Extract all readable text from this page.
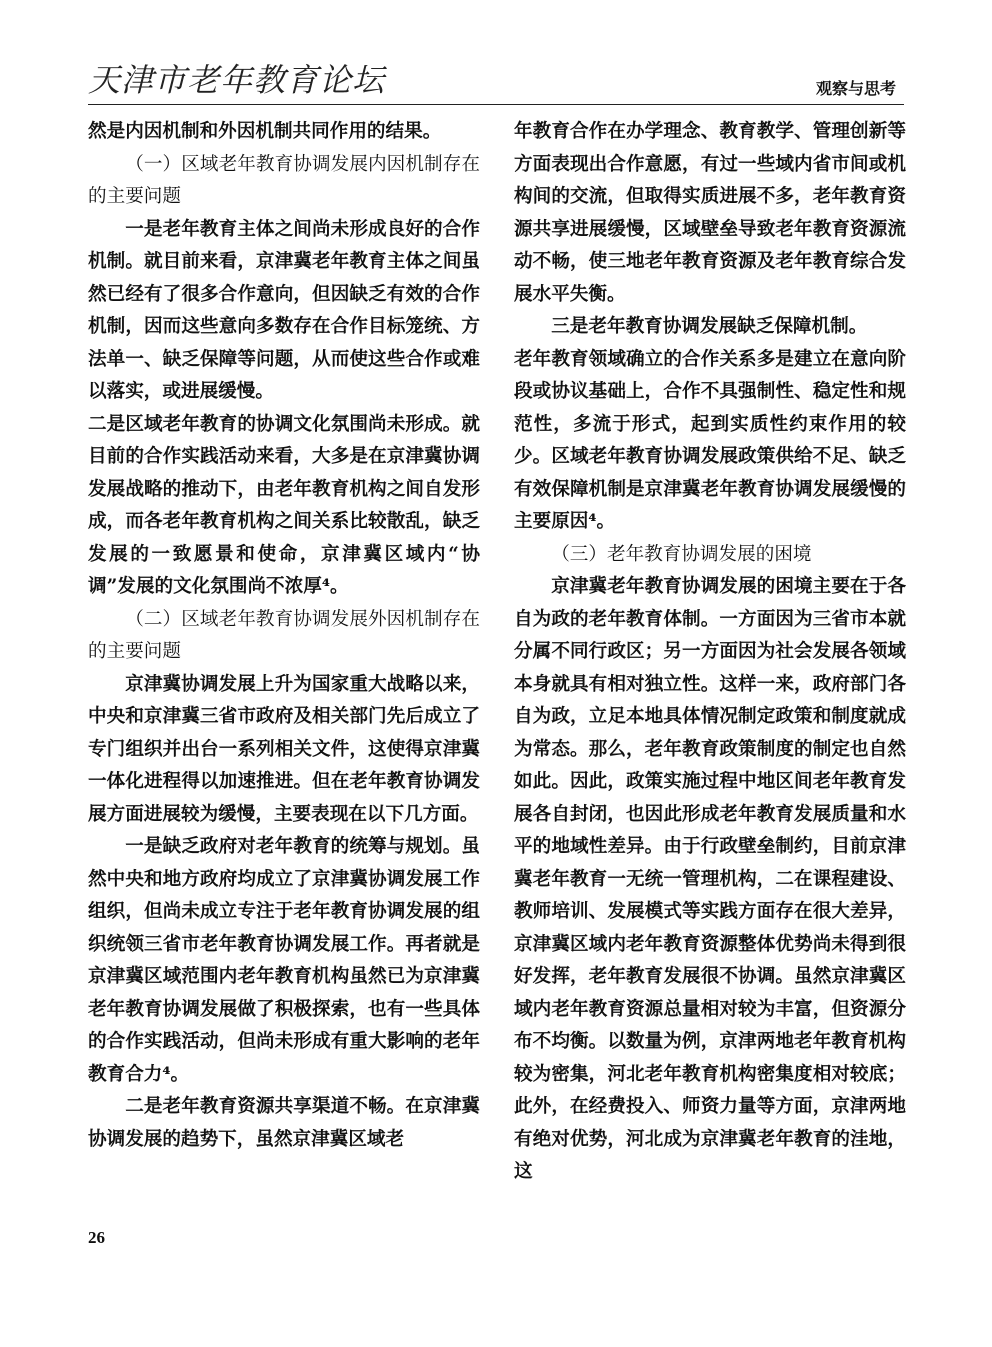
天津市老年教育论坛	观察与思考

然是内因机制和外因机制共同作用的结果。

（一）区域老年教育协调发展内因机制存在的主要问题

一是老年教育主体之间尚未形成良好的合作机制。就目前来看，京津冀老年教育主体之间虽然已经有了很多合作意向，但因缺乏有效的合作机制，因而这些意向多数存在合作目标笼统、方法单一、缺乏保障等问题，从而使这些合作或难以落实，或进展缓慢。

二是区域老年教育的协调文化氛围尚未形成。就目前的合作实践活动来看，大多是在京津冀协调发展战略的推动下，由老年教育机构之间自发形成，而各老年教育机构之间关系比较散乱，缺乏发展的一致愿景和使命，京津冀区域内“协调”发展的文化氛围尚不浓厚⁴。

（二）区域老年教育协调发展外因机制存在的主要问题

京津冀协调发展上升为国家重大战略以来，中央和京津冀三省市政府及相关部门先后成立了专门组织并出台一系列相关文件，这使得京津冀一体化进程得以加速推进。但在老年教育协调发展方面进展较为缓慢，主要表现在以下几方面。

一是缺乏政府对老年教育的统筹与规划。虽然中央和地方政府均成立了京津冀协调发展工作组织，但尚未成立专注于老年教育协调发展的组织统领三省市老年教育协调发展工作。再者就是京津冀区域范围内老年教育机构虽然已为京津冀老年教育协调发展做了积极探索，也有一些具体的合作实践活动，但尚未形成有重大影响的老年教育合力⁴。

二是老年教育资源共享渠道不畅。在京津冀协调发展的趋势下，虽然京津冀区域老

年教育合作在办学理念、教育教学、管理创新等方面表现出合作意愿，有过一些域内省市间或机构间的交流，但取得实质进展不多，老年教育资源共享进展缓慢，区域壁垒导致老年教育资源流动不畅，使三地老年教育资源及老年教育综合发展水平失衡。

三是老年教育协调发展缺乏保障机制。

老年教育领域确立的合作关系多是建立在意向阶段或协议基础上，合作不具强制性、稳定性和规范性，多流于形式，起到实质性约束作用的较少。区域老年教育协调发展政策供给不足、缺乏有效保障机制是京津冀老年教育协调发展缓慢的主要原因⁴。

（三）老年教育协调发展的困境

京津冀老年教育协调发展的困境主要在于各自为政的老年教育体制。一方面因为三省市本就分属不同行政区；另一方面因为社会发展各领域本身就具有相对独立性。这样一来，政府部门各自为政，立足本地具体情况制定政策和制度就成为常态。那么，老年教育政策制度的制定也自然如此。因此，政策实施过程中地区间老年教育发展各自封闭，也因此形成老年教育发展质量和水平的地域性差异。由于行政壁垒制约，目前京津冀老年教育一无统一管理机构，二在课程建设、教师培训、发展模式等实践方面存在很大差异，京津冀区域内老年教育资源整体优势尚未得到很好发挥，老年教育发展很不协调。虽然京津冀区域内老年教育资源总量相对较为丰富，但资源分布不均衡。以数量为例，京津两地老年教育机构较为密集，河北老年教育机构密集度相对较底；此外，在经费投入、师资力量等方面，京津两地有绝对优势，河北成为京津冀老年教育的洼地，这

26
